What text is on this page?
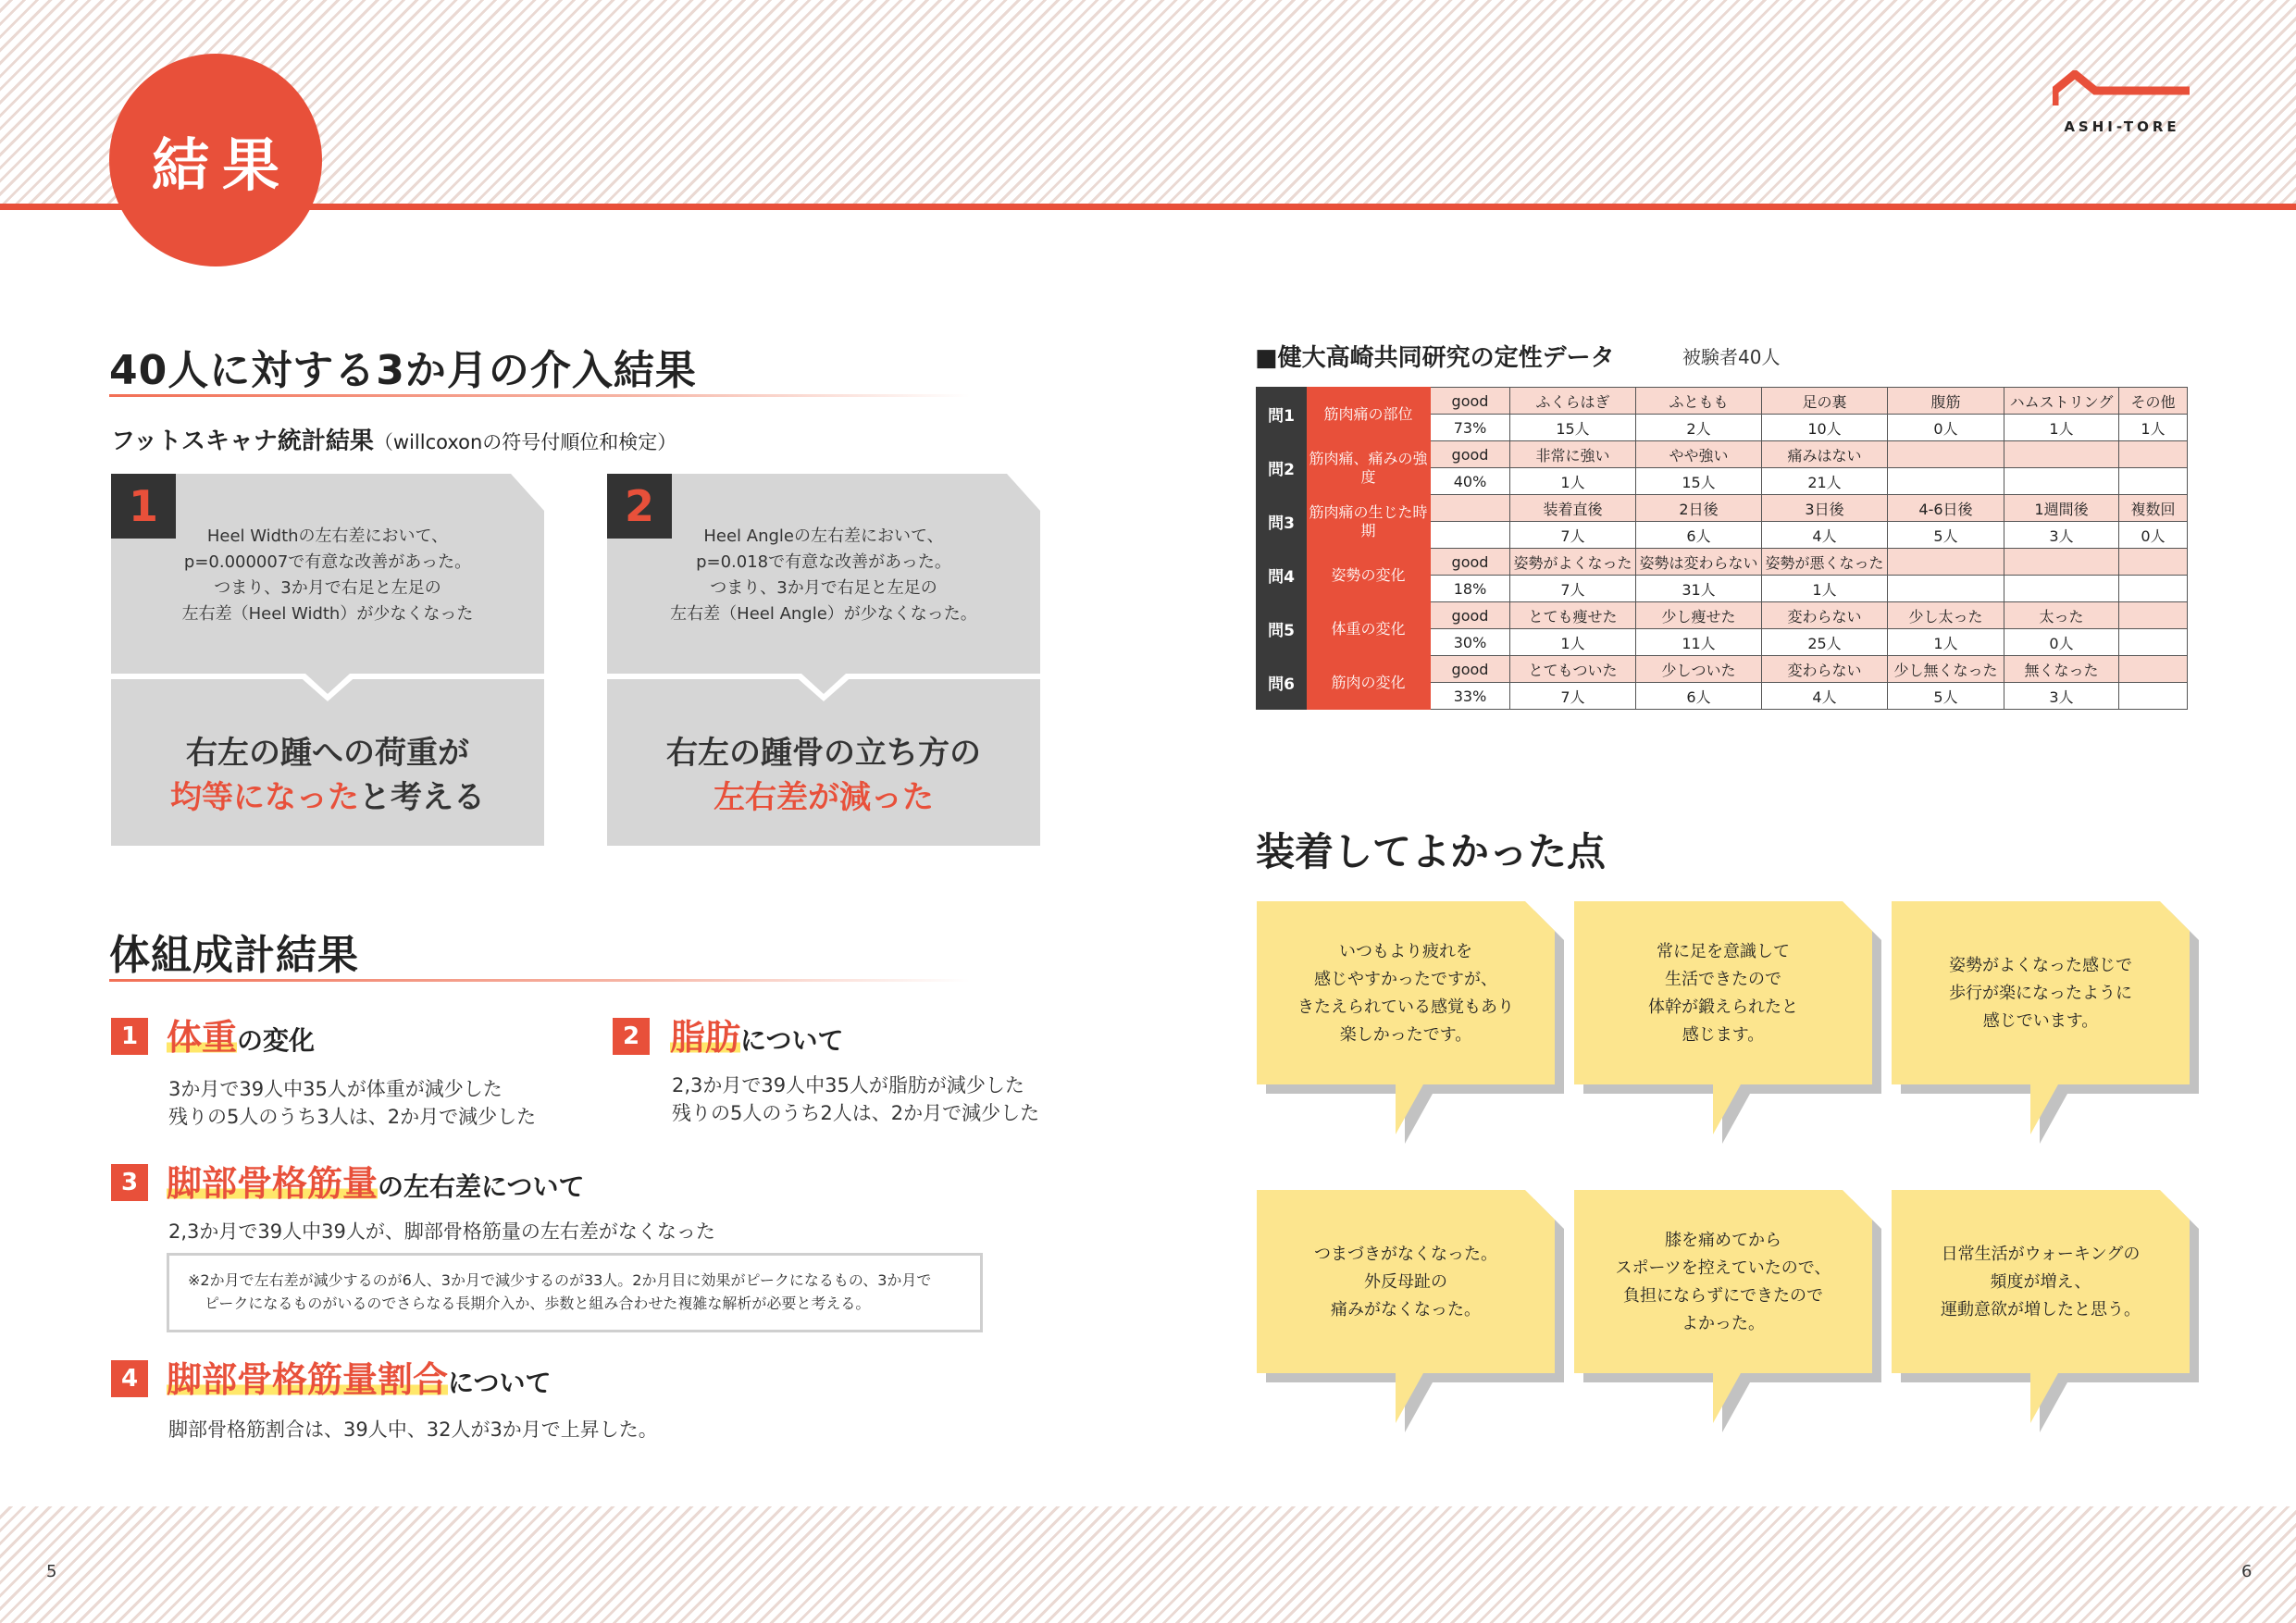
結果
ASHI-TORE
5	6
40人に対する3か月の介入結果
フットスキャナ統計結果（willcoxonの符号付順位和検定）
1
Heel Widthの左右差において、
p=0.000007で有意な改善があった。
つまり、3か月で右足と左足の
左右差（Heel Width）が少なくなった
右左の踵への荷重が
均等になったと考える
2
Heel Angleの左右差において、
p=0.018で有意な改善があった。
つまり、3か月で右足と左足の
左右差（Heel Angle）が少なくなった。
右左の踵骨の立ち方の
左右差が減った
体組成計結果
1 体重の変化
3か月で39人中35人が体重が減少した
残りの5人のうち3人は、2か月で減少した
2 脂肪について
2,3か月で39人中35人が脂肪が減少した
残りの5人のうち2人は、2か月で減少した
3 脚部骨格筋量の左右差について
2,3か月で39人中39人が、脚部骨格筋量の左右差がなくなった
※2か月で左右差が減少するのが6人、3か月で減少するのが33人。2か月目に効果がピークになるもの、3か月で
ピークになるものがいるのでさらなる長期介入か、歩数と組み合わせた複雑な解析が必要と考える。
4 脚部骨格筋量割合について
脚部骨格筋割合は、39人中、32人が3か月で上昇した。
■健大高崎共同研究の定性データ	被験者40人
問1	筋肉痛の部位	good	ふくらはぎ	ふともも	足の裏	腹筋	ハムストリング	その他
		73%	15人	2人	10人	0人	1人	1人
問2	筋肉痛、痛みの強度	good	非常に強い	やや強い	痛みはない			
		40%	1人	15人	21人			
問3	筋肉痛の生じた時期		装着直後	2日後	3日後	4-6日後	1週間後	複数回
			7人	6人	4人	5人	3人	0人
問4	姿勢の変化	good	姿勢がよくなった	姿勢は変わらない	姿勢が悪くなった			
		18%	7人	31人	1人			
問5	体重の変化	good	とても痩せた	少し痩せた	変わらない	少し太った	太った	
		30%	1人	11人	25人	1人	0人	
問6	筋肉の変化	good	とてもついた	少しついた	変わらない	少し無くなった	無くなった	
		33%	7人	6人	4人	5人	3人	
装着してよかった点
いつもより疲れを
感じやすかったですが、
きたえられている感覚もあり
楽しかったです。
常に足を意識して
生活できたので
体幹が鍛えられたと
感じます。
姿勢がよくなった感じで
歩行が楽になったように
感じでいます。
つまづきがなくなった。
外反母趾の
痛みがなくなった。
膝を痛めてから
スポーツを控えていたので、
負担にならずにできたので
よかった。
日常生活がウォーキングの
頻度が増え、
運動意欲が増したと思う。
